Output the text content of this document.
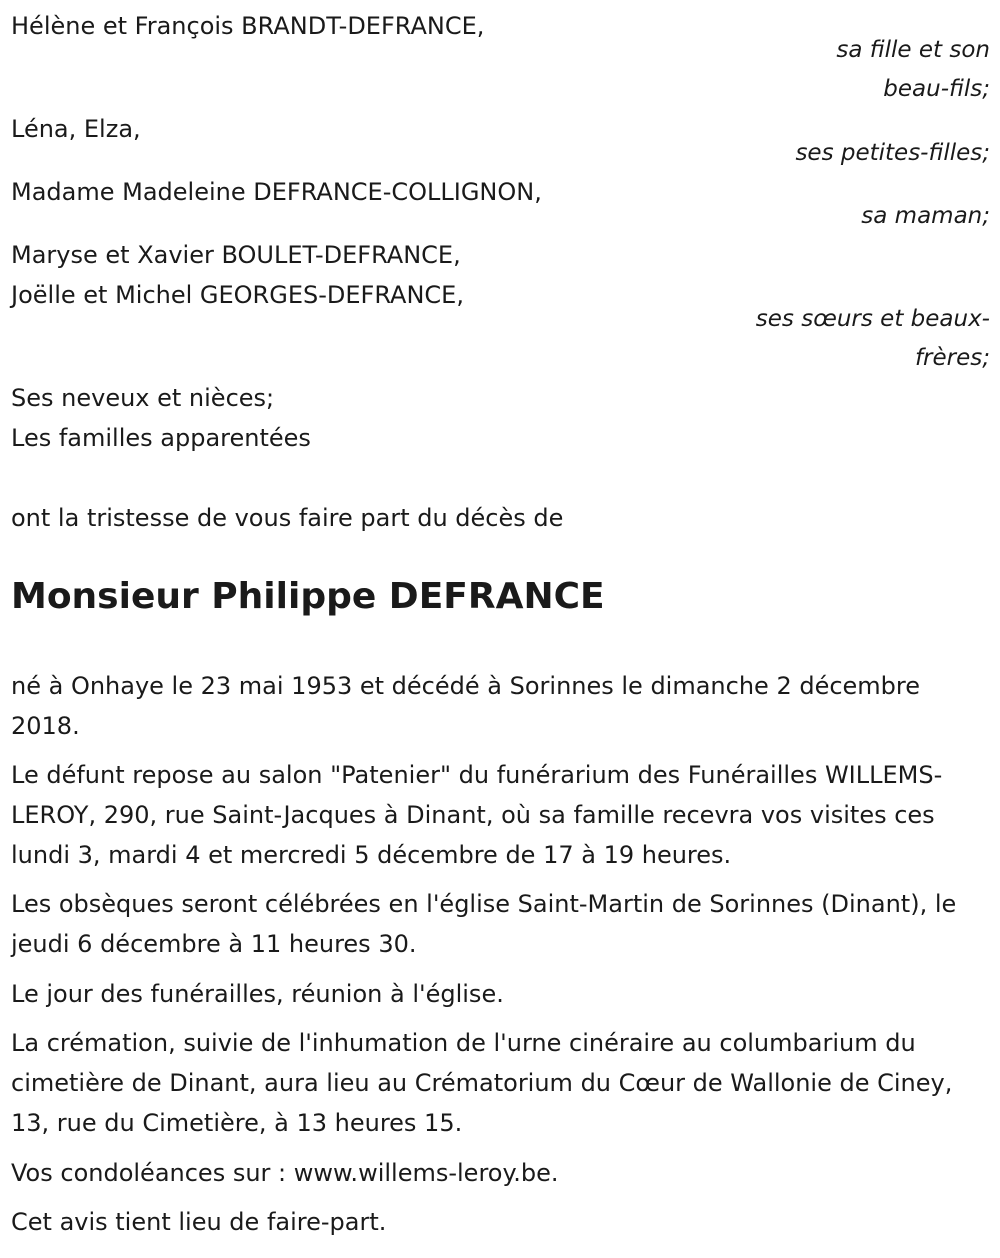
Hélène et François BRANDT-DEFRANCE,
sa fille et son
beau-fils;
Léna, Elza,
ses petites-filles;
Madame Madeleine DEFRANCE-COLLIGNON,
sa maman;
Maryse et Xavier BOULET-DEFRANCE,
Joëlle et Michel GEORGES-DEFRANCE,
ses sœurs et beaux-
frères;
Ses neveux et nièces;
Les familles apparentées
ont la tristesse de vous faire part du décès de
Monsieur Philippe DEFRANCE

né à Onhaye le 23 mai 1953 et décédé à Sorinnes le dimanche 2 décembre 2018.

Le défunt repose au salon "Patenier" du funérarium des Funérailles WILLEMS-LEROY, 290, rue Saint-Jacques à Dinant, où sa famille recevra vos visites ces lundi 3, mardi 4 et mercredi 5 décembre de 17 à 19 heures.

Les obsèques seront célébrées en l'église Saint-Martin de Sorinnes (Dinant), le jeudi 6 décembre à 11 heures 30.

Le jour des funérailles, réunion à l'église.

La crémation, suivie de l'inhumation de l'urne cinéraire au columbarium du cimetière de Dinant, aura lieu au Crématorium du Cœur de Wallonie de Ciney, 13, rue du Cimetière, à 13 heures 15.

Vos condoléances sur : www.willems-leroy.be.

Cet avis tient lieu de faire-part.
